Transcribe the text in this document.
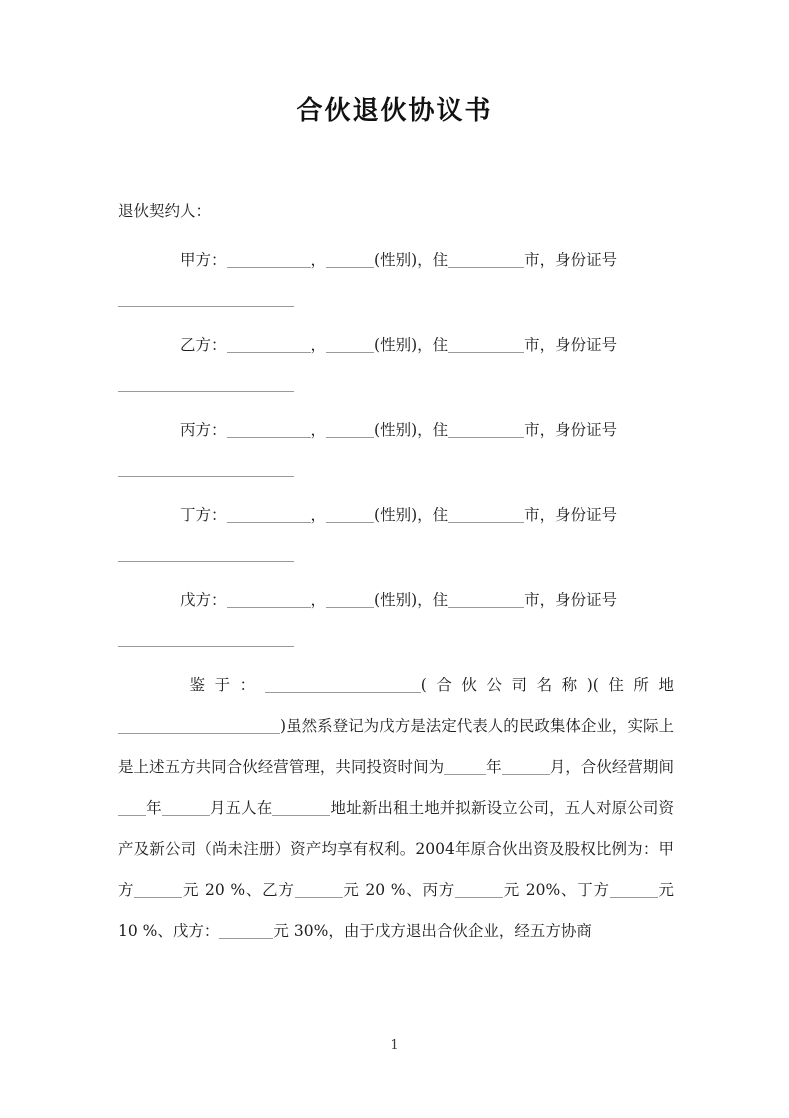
合伙退伙协议书

退伙契约人：

甲方：	，	(性别)，住	市，身份证号

乙方：	，	(性别)，住	市，身份证号

丙方：	，	(性别)，住	市，身份证号

丁方：	，	(性别)，住	市，身份证号

戊方：	，	(性别)，住	市，身份证号

鉴于：	(合伙公司名称)(住所地)虽然系登记为戊方是法定代表人的民政集体企业，实际上是上述五方共同合伙经营管理，共同投资时间为	年	月，合伙经营期间年	月五人在	地址新出租土地并拟新设立公司，五人对原公司资产及新公司（尚未注册）资产均享有权利。2004年原合伙出资及股权比例为：甲方	元 20 %、乙方	元 20 %、丙方	元 20%、丁方	元 10 %、戊方：	元 30%，由于戊方退出合伙企业，经五方协商

1
